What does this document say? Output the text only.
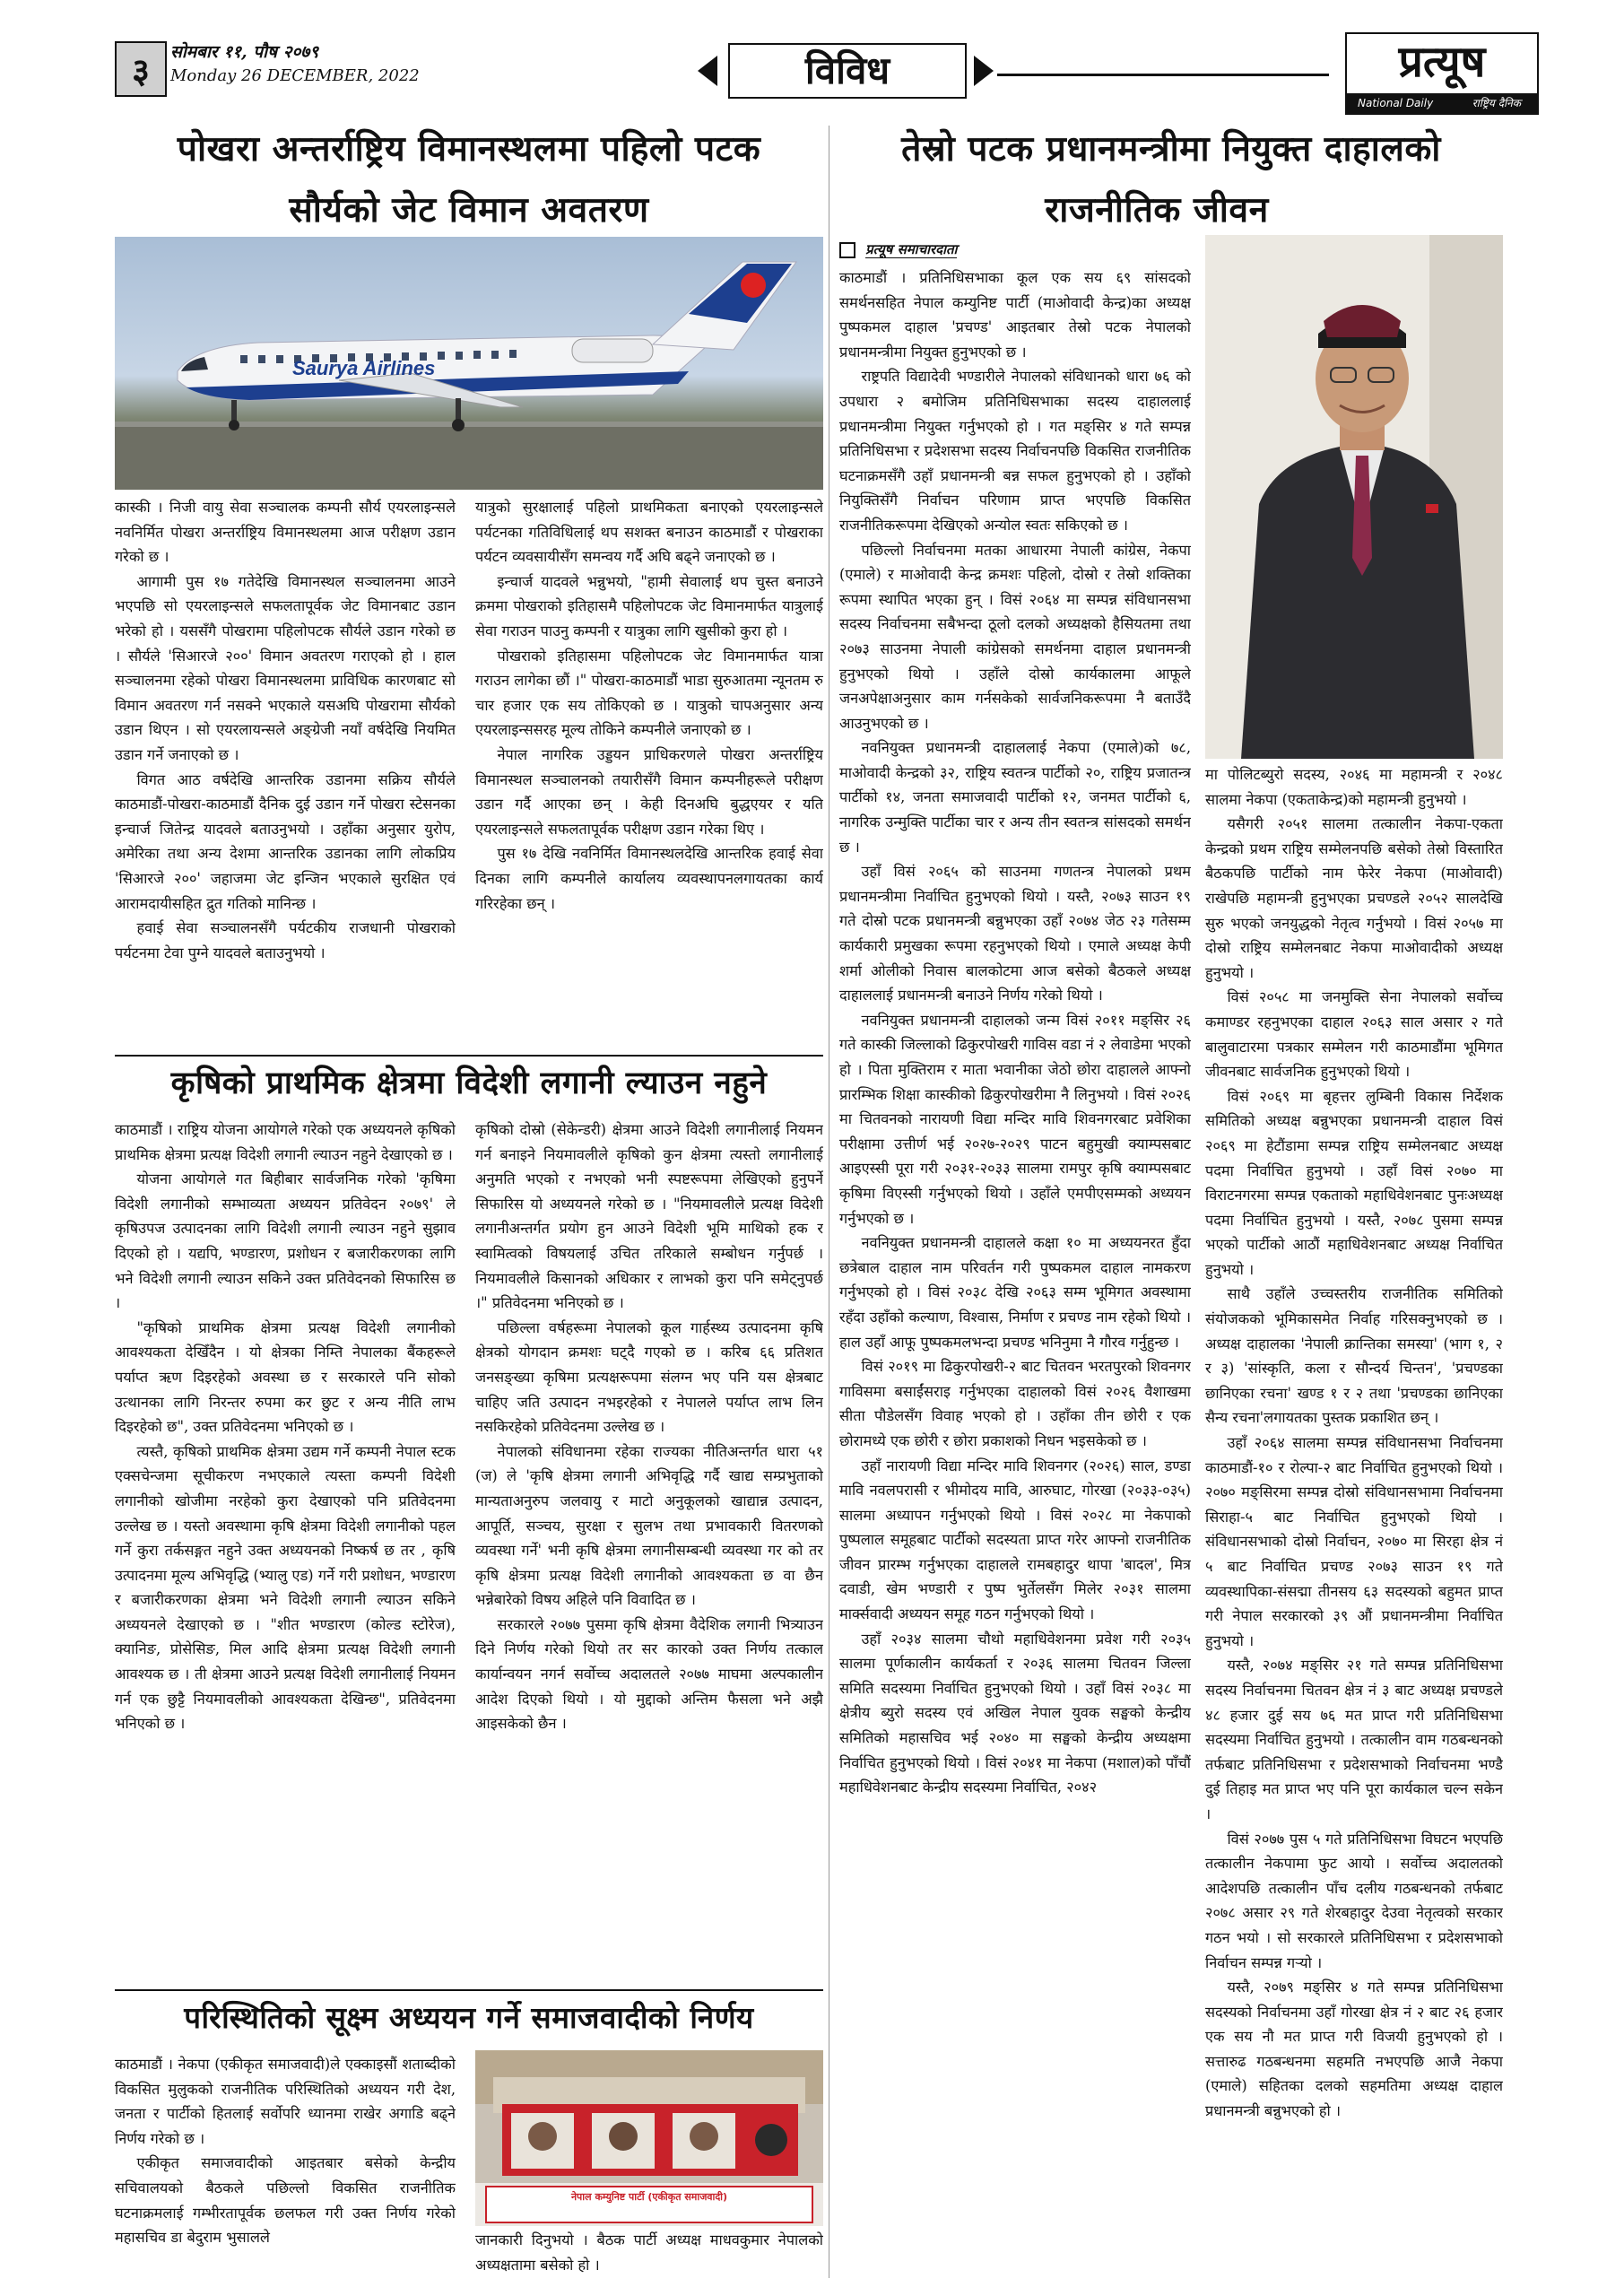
३	सोमबार ११, पौष २०७९
Monday 26 DECEMBER, 2022	विविध	प्रत्यूष
National Daily	राष्ट्रिय दैनिक
पोखरा अन्तर्राष्ट्रिय विमानस्थलमा पहिलो पटक
सौर्यको जेट विमान अवतरण
Saurya Airlines

कास्की । निजी वायु सेवा सञ्चालक कम्पनी सौर्य एयरलाइन्सले नवनिर्मित पोखरा अन्तर्राष्ट्रिय विमानस्थलमा आज परीक्षण उडान गरेको छ ।

आगामी पुस १७ गतेदेखि विमानस्थल सञ्चालनमा आउने भएपछि सो एयरलाइन्सले सफलतापूर्वक जेट विमानबाट उडान भरेको हो । यससँगै पोखरामा पहिलोपटक सौर्यले उडान गरेको छ । सौर्यले 'सिआरजे २००' विमान अवतरण गराएको हो । हाल सञ्चालनमा रहेको पोखरा विमानस्थलमा प्राविधिक कारणबाट सो विमान अवतरण गर्न नसक्ने भएकाले यसअघि पोखरामा सौर्यको उडान थिएन । सो एयरलायन्सले अङ्ग्रेजी नयाँ वर्षदेखि नियमित उडान गर्ने जनाएको छ ।

विगत आठ वर्षदेखि आन्तरिक उडानमा सक्रिय सौर्यले काठमाडौं-पोखरा-काठमाडौं दैनिक दुई उडान गर्ने पोखरा स्टेसनका इन्चार्ज जितेन्द्र यादवले बताउनुभयो । उहाँका अनुसार युरोप, अमेरिका तथा अन्य देशमा आन्तरिक उडानका लागि लोकप्रिय 'सिआरजे २००' जहाजमा जेट इन्जिन भएकाले सुरक्षित एवं आरामदायीसहित द्रुत गतिको मानिन्छ ।

हवाई सेवा सञ्चालनसँगै पर्यटकीय राजधानी पोखराको पर्यटनमा टेवा पुग्ने यादवले बताउनुभयो ।

यात्रुको सुरक्षालाई पहिलो प्राथमिकता बनाएको एयरलाइन्सले पर्यटनका गतिविधिलाई थप सशक्त बनाउन काठमाडौं र पोखराका पर्यटन व्यवसायीसँग समन्वय गर्दै अघि बढ्ने जनाएको छ ।

इन्चार्ज यादवले भन्नुभयो, "हामी सेवालाई थप चुस्त बनाउने क्रममा पोखराको इतिहासमै पहिलोपटक जेट विमानमार्फत यात्रुलाई सेवा गराउन पाउनु कम्पनी र यात्रुका लागि खुसीको कुरा हो ।

पोखराको इतिहासमा पहिलोपटक जेट विमानमार्फत यात्रा गराउन लागेका छौं ।" पोखरा-काठमाडौं भाडा सुरुआतमा न्यूनतम रु चार हजार एक सय तोकिएको छ । यात्रुको चापअनुसार अन्य एयरलाइन्ससरह मूल्य तोकिने कम्पनीले जनाएको छ ।

नेपाल नागरिक उड्डयन प्राधिकरणले पोखरा अन्तर्राष्ट्रिय विमानस्थल सञ्चालनको तयारीसँगै विमान कम्पनीहरूले परीक्षण उडान गर्दै आएका छन् । केही दिनअघि बुद्धएयर र यति एयरलाइन्सले सफलतापूर्वक परीक्षण उडान गरेका थिए ।

पुस १७ देखि नवनिर्मित विमानस्थलदेखि आन्तरिक हवाई सेवा दिनका लागि कम्पनीले कार्यालय व्यवस्थापनलगायतका कार्य गरिरहेका छन् ।

कृषिको प्राथमिक क्षेत्रमा विदेशी लगानी ल्याउन नहुने

काठमाडौं । राष्ट्रिय योजना आयोगले गरेको एक अध्ययनले कृषिको प्राथमिक क्षेत्रमा प्रत्यक्ष विदेशी लगानी ल्याउन नहुने देखाएको छ ।

योजना आयोगले गत बिहीबार सार्वजनिक गरेको 'कृषिमा विदेशी लगानीको सम्भाव्यता अध्ययन प्रतिवेदन २०७९' ले कृषिउपज उत्पादनका लागि विदेशी लगानी ल्याउन नहुने सुझाव दिएको हो । यद्यपि, भण्डारण, प्रशोधन र बजारीकरणका लागि भने विदेशी लगानी ल्याउन सकिने उक्त प्रतिवेदनको सिफारिस छ ।

"कृषिको प्राथमिक क्षेत्रमा प्रत्यक्ष विदेशी लगानीको आवश्यकता देखिँदैन । यो क्षेत्रका निम्ति नेपालका बैंकहरूले पर्याप्त ऋण दिइरहेको अवस्था छ र सरकारले पनि सोको उत्थानका लागि निरन्तर रुपमा कर छुट र अन्य नीति लाभ दिइरहेको छ", उक्त प्रतिवेदनमा भनिएको छ ।

त्यस्तै, कृषिको प्राथमिक क्षेत्रमा उद्यम गर्ने कम्पनी नेपाल स्टक एक्सचेन्जमा सूचीकरण नभएकाले त्यस्ता कम्पनी विदेशी लगानीको खोजीमा नरहेको कुरा देखाएको पनि प्रतिवेदनमा उल्लेख छ । यस्तो अवस्थामा कृषि क्षेत्रमा विदेशी लगानीको पहल गर्ने कुरा तर्कसङ्गत नहुने उक्त अध्ययनको निष्कर्ष छ तर , कृषि उत्पादनमा मूल्य अभिवृद्धि (भ्यालु एड) गर्ने गरी प्रशोधन, भण्डारण र बजारीकरणका क्षेत्रमा भने विदेशी लगानी ल्याउन सकिने अध्ययनले देखाएको छ । "शीत भण्डारण (कोल्ड स्टोरेज), क्यानिङ, प्रोसेसिङ, मिल आदि क्षेत्रमा प्रत्यक्ष विदेशी लगानी आवश्यक छ । ती क्षेत्रमा आउने प्रत्यक्ष विदेशी लगानीलाई नियमन गर्न एक छुट्टै नियमावलीको आवश्यकता देखिन्छ", प्रतिवेदनमा भनिएको छ ।

कृषिको दोस्रो (सेकेन्डरी) क्षेत्रमा आउने विदेशी लगानीलाई नियमन गर्न बनाइने नियमावलीले कृषिको कुन क्षेत्रमा त्यस्तो लगानीलाई अनुमति भएको र नभएको भनी स्पष्टरूपमा लेखिएको हुनुपर्ने सिफारिस यो अध्ययनले गरेको छ । "नियमावलीले प्रत्यक्ष विदेशी लगानीअन्तर्गत प्रयोग हुन आउने विदेशी भूमि माथिको हक र स्वामित्वको विषयलाई उचित तरिकाले सम्बोधन गर्नुपर्छ । नियमावलीले किसानको अधिकार र लाभको कुरा पनि समेट्नुपर्छ ।" प्रतिवेदनमा भनिएको छ ।

पछिल्ला वर्षहरूमा नेपालको कूल गार्हस्थ्य उत्पादनमा कृषि क्षेत्रको योगदान क्रमशः घट्दै गएको छ । करिब ६६ प्रतिशत जनसङ्ख्या कृषिमा प्रत्यक्षरूपमा संलग्न भए पनि यस क्षेत्रबाट चाहिए जति उत्पादन नभइरहेको र नेपालले पर्याप्त लाभ लिन नसकिरहेको प्रतिवेदनमा उल्लेख छ ।

नेपालको संविधानमा रहेका राज्यका नीतिअन्तर्गत धारा ५१ (ज) ले 'कृषि क्षेत्रमा लगानी अभिवृद्धि गर्दै खाद्य सम्प्रभुताको मान्यताअनुरुप जलवायु र माटो अनुकूलको खाद्यान्न उत्पादन, आपूर्ति, सञ्चय, सुरक्षा र सुलभ तथा प्रभावकारी वितरणको व्यवस्था गर्ने' भनी कृषि क्षेत्रमा लगानीसम्बन्धी व्यवस्था गर को तर कृषि क्षेत्रमा प्रत्यक्ष विदेशी लगानीको आवश्यकता छ वा छैन भन्नेबारेको विषय अहिले पनि विवादित छ ।

सरकारले २०७७ पुसमा कृषि क्षेत्रमा वैदेशिक लगानी भित्र्याउन दिने निर्णय गरेको थियो तर सर कारको उक्त निर्णय तत्काल कार्यान्वयन नगर्न सर्वोच्च अदालतले २०७७ माघमा अल्पकालीन आदेश दिएको थियो । यो मुद्दाको अन्तिम फैसला भने अझै आइसकेको छैन ।

परिस्थितिको सूक्ष्म अध्ययन गर्ने समाजवादीको निर्णय

काठमाडौं । नेकपा (एकीकृत समाजवादी)ले एक्काइसौं शताब्दीको विकसित मुलुकको राजनीतिक परिस्थितिको अध्ययन गरी देश, जनता र पार्टीको हितलाई सर्वोपरि ध्यानमा राखेर अगाडि बढ्ने निर्णय गरेको छ ।

एकीकृत समाजवादीको आइतबार बसेको केन्द्रीय सचिवालयको बैठकले पछिल्लो विकसित राजनीतिक घटनाक्रमलाई गम्भीरतापूर्वक छलफल गरी उक्त निर्णय गरेको महासचिव डा बेदुराम भुसालले

नेपाल कम्युनिष्ट पार्टी (एकीकृत समाजवादी)

जानकारी दिनुभयो । बैठक पार्टी अध्यक्ष माधवकुमार नेपालको अध्यक्षतामा बसेको हो ।

तेस्रो पटक प्रधानमन्त्रीमा नियुक्त दाहालको
राजनीतिक जीवन
प्रत्यूष समाचारदाता

काठमाडौं । प्रतिनिधिसभाका कूल एक सय ६९ सांसदको समर्थनसहित नेपाल कम्युनिष्ट पार्टी (माओवादी केन्द्र)का अध्यक्ष पुष्पकमल दाहाल 'प्रचण्ड' आइतबार तेस्रो पटक नेपालको प्रधानमन्त्रीमा नियुक्त हुनुभएको छ ।

राष्ट्रपति विद्यादेवी भण्डारीले नेपालको संविधानको धारा ७६ को उपधारा २ बमोजिम प्रतिनिधिसभाका सदस्य दाहाललाई प्रधानमन्त्रीमा नियुक्त गर्नुभएको हो । गत मङ्सिर ४ गते सम्पन्न प्रतिनिधिसभा र प्रदेशसभा सदस्य निर्वाचनपछि विकसित राजनीतिक घटनाक्रमसँगै उहाँ प्रधानमन्त्री बन्न सफल हुनुभएको हो । उहाँको नियुक्तिसँगै निर्वाचन परिणाम प्राप्त भएपछि विकसित राजनीतिकरूपमा देखिएको अन्योल स्वतः सकिएको छ ।

पछिल्लो निर्वाचनमा मतका आधारमा नेपाली कांग्रेस, नेकपा (एमाले) र माओवादी केन्द्र क्रमशः पहिलो, दोस्रो र तेस्रो शक्तिका रूपमा स्थापित भएका हुन् । विसं २०६४ मा सम्पन्न संविधानसभा सदस्य निर्वाचनमा सबैभन्दा ठूलो दलको अध्यक्षको हैसियतमा तथा २०७३ साउनमा नेपाली कांग्रेसको समर्थनमा दाहाल प्रधानमन्त्री हुनुभएको थियो । उहाँले दोस्रो कार्यकालमा आफूले जनअपेक्षाअनुसार काम गर्नसकेको सार्वजनिकरूपमा नै बताउँदै आउनुभएको छ ।

नवनियुक्त प्रधानमन्त्री दाहाललाई नेकपा (एमाले)को ७८, माओवादी केन्द्रको ३२, राष्ट्रिय स्वतन्त्र पार्टीको २०, राष्ट्रिय प्रजातन्त्र पार्टीको १४, जनता समाजवादी पार्टीको १२, जनमत पार्टीको ६, नागरिक उन्मुक्ति पार्टीका चार र अन्य तीन स्वतन्त्र सांसदको समर्थन छ ।

उहाँ विसं २०६५ को साउनमा गणतन्त्र नेपालको प्रथम प्रधानमन्त्रीमा निर्वाचित हुनुभएको थियो । यस्तै, २०७३ साउन १९ गते दोस्रो पटक प्रधानमन्त्री बन्नुभएका उहाँ २०७४ जेठ २३ गतेसम्म कार्यकारी प्रमुखका रूपमा रहनुभएको थियो । एमाले अध्यक्ष केपी शर्मा ओलीको निवास बालकोटमा आज बसेको बैठकले अध्यक्ष दाहाललाई प्रधानमन्त्री बनाउने निर्णय गरेको थियो ।

नवनियुक्त प्रधानमन्त्री दाहालको जन्म विसं २०११ मङ्सिर २६ गते कास्की जिल्लाको ढिकुरपोखरी गाविस वडा नं २ लेवाडेमा भएको हो । पिता मुक्तिराम र माता भवानीका जेठो छोरा दाहालले आफ्नो प्रारम्भिक शिक्षा कास्कीको ढिकुरपोखरीमा नै लिनुभयो । विसं २०२६ मा चितवनको नारायणी विद्या मन्दिर मावि शिवनगरबाट प्रवेशिका परीक्षामा उत्तीर्ण भई २०२७-२०२९ पाटन बहुमुखी क्याम्पसबाट आइएस्सी पूरा गरी २०३१-२०३३ सालमा रामपुर कृषि क्याम्पसबाट कृषिमा विएस्सी गर्नुभएको थियो । उहाँले एमपीएसम्मको अध्ययन गर्नुभएको छ ।

नवनियुक्त प्रधानमन्त्री दाहालले कक्षा १० मा अध्ययनरत हुँदा छत्रेबाल दाहाल नाम परिवर्तन गरी पुष्पकमल दाहाल नामकरण गर्नुभएको हो । विसं २०३८ देखि २०६३ सम्म भूमिगत अवस्थामा रहँदा उहाँको कल्याण, विश्वास, निर्माण र प्रचण्ड नाम रहेको थियो । हाल उहाँ आफू पुष्पकमलभन्दा प्रचण्ड भनिनुमा नै गौरव गर्नुहुन्छ ।

विसं २०१९ मा ढिकुरपोखरी-२ बाट चितवन भरतपुरको शिवनगर गाविसमा बसाईंसराइ गर्नुभएका दाहालको विसं २०२६ वैशाखमा सीता पौडेलसँग विवाह भएको हो । उहाँका तीन छोरी र एक छोरामध्ये एक छोरी र छोरा प्रकाशको निधन भइसकेको छ ।

उहाँ नारायणी विद्या मन्दिर मावि शिवनगर (२०२६) साल, डण्डा मावि नवलपरासी र भीमोदय मावि, आरुघाट, गोरखा (२०३३-०३५) सालमा अध्यापन गर्नुभएको थियो । विसं २०२८ मा नेकपाको पुष्पलाल समूहबाट पार्टीको सदस्यता प्राप्त गरेर आफ्नो राजनीतिक जीवन प्रारम्भ गर्नुभएका दाहालले रामबहादुर थापा 'बादल', मित्र दवाडी, खेम भण्डारी र पुष्प भुर्तेलसँग मिलेर २०३१ सालमा मार्क्सवादी अध्ययन समूह गठन गर्नुभएको थियो ।

उहाँ २०३४ सालमा चौथो महाधिवेशनमा प्रवेश गरी २०३५ सालमा पूर्णकालीन कार्यकर्ता र २०३६ सालमा चितवन जिल्ला समिति सदस्यमा निर्वाचित हुनुभएको थियो । उहाँ विसं २०३८ मा क्षेत्रीय ब्युरो सदस्य एवं अखिल नेपाल युवक सङ्घको केन्द्रीय समितिको महासचिव भई २०४० मा सङ्घको केन्द्रीय अध्यक्षमा निर्वाचित हुनुभएको थियो । विसं २०४१ मा नेकपा (मशाल)को पाँचौं महाधिवेशनबाट केन्द्रीय सदस्यमा निर्वाचित, २०४२

मा पोलिटब्युरो सदस्य, २०४६ मा महामन्त्री र २०४८ सालमा नेकपा (एकताकेन्द्र)को महामन्त्री हुनुभयो ।

यसैगरी २०५१ सालमा तत्कालीन नेकपा-एकता केन्द्रको प्रथम राष्ट्रिय सम्मेलनपछि बसेको तेस्रो विस्तारित बैठकपछि पार्टीको नाम फेरेर नेकपा (माओवादी) राखेपछि महामन्त्री हुनुभएका प्रचण्डले २०५२ सालदेखि सुरु भएको जनयुद्धको नेतृत्व गर्नुभयो । विसं २०५७ मा दोस्रो राष्ट्रिय सम्मेलनबाट नेकपा माओवादीको अध्यक्ष हुनुभयो ।

विसं २०५८ मा जनमुक्ति सेना नेपालको सर्वोच्च कमाण्डर रहनुभएका दाहाल २०६३ साल असार २ गते बालुवाटारमा पत्रकार सम्मेलन गरी काठमाडौंमा भूमिगत जीवनबाट सार्वजनिक हुनुभएको थियो ।

विसं २०६९ मा बृहत्तर लुम्बिनी विकास निर्देशक समितिको अध्यक्ष बन्नुभएका प्रधानमन्त्री दाहाल विसं २०६९ मा हेटौंडामा सम्पन्न राष्ट्रिय सम्मेलनबाट अध्यक्ष पदमा निर्वाचित हुनुभयो । उहाँ विसं २०७० मा विराटनगरमा सम्पन्न एकताको महाधिवेशनबाट पुनःअध्यक्ष पदमा निर्वाचित हुनुभयो । यस्तै, २०७८ पुसमा सम्पन्न भएको पार्टीको आठौं महाधिवेशनबाट अध्यक्ष निर्वाचित हुनुभयो ।

साथै उहाँले उच्चस्तरीय राजनीतिक समितिको संयोजकको भूमिकासमेत निर्वाह गरिसक्नुभएको छ । अध्यक्ष दाहालका 'नेपाली क्रान्तिका समस्या' (भाग १, २ र ३) 'सांस्कृति, कला र सौन्दर्य चिन्तन', 'प्रचण्डका छानिएका रचना' खण्ड १ र २ तथा 'प्रचण्डका छानिएका सैन्य रचना'लगायतका पुस्तक प्रकाशित छन् ।

उहाँ २०६४ सालमा सम्पन्न संविधानसभा निर्वाचनमा काठमाडौं-१० र रोल्पा-२ बाट निर्वाचित हुनुभएको थियो । २०७० मङ्सिरमा सम्पन्न दोस्रो संविधानसभामा निर्वाचनमा सिराहा-५ बाट निर्वाचित हुनुभएको थियो । संविधानसभाको दोस्रो निर्वाचन, २०७० मा सिरहा क्षेत्र नं ५ बाट निर्वाचित प्रचण्ड २०७३ साउन १९ गते व्यवस्थापिका-संसद्मा तीनसय ६३ सदस्यको बहुमत प्राप्त गरी नेपाल सरकारको ३९ औं प्रधानमन्त्रीमा निर्वाचित हुनुभयो ।

यस्तै, २०७४ मङ्सिर २१ गते सम्पन्न प्रतिनिधिसभा सदस्य निर्वाचनमा चितवन क्षेत्र नं ३ बाट अध्यक्ष प्रचण्डले ४८ हजार दुई सय ७६ मत प्राप्त गरी प्रतिनिधिसभा सदस्यमा निर्वाचित हुनुभयो । तत्कालीन वाम गठबन्धनको तर्फबाट प्रतिनिधिसभा र प्रदेशसभाको निर्वाचनमा भण्डै दुई तिहाइ मत प्राप्त भए पनि पूरा कार्यकाल चल्न सकेन ।

विसं २०७७ पुस ५ गते प्रतिनिधिसभा विघटन भएपछि तत्कालीन नेकपामा फुट आयो । सर्वोच्च अदालतको आदेशपछि तत्कालीन पाँच दलीय गठबन्धनको तर्फबाट २०७८ असार २९ गते शेरबहादुर देउवा नेतृत्वको सरकार गठन भयो । सो सरकारले प्रतिनिधिसभा र प्रदेशसभाको निर्वाचन सम्पन्न गर्‍यो ।

यस्तै, २०७९ मङ्सिर ४ गते सम्पन्न प्रतिनिधिसभा सदस्यको निर्वाचनमा उहाँ गोरखा क्षेत्र नं २ बाट २६ हजार एक सय नौ मत प्राप्त गरी विजयी हुनुभएको हो । सत्तारुढ गठबन्धनमा सहमति नभएपछि आजै नेकपा (एमाले) सहितका दलको सहमतिमा अध्यक्ष दाहाल प्रधानमन्त्री बन्नुभएको हो ।
